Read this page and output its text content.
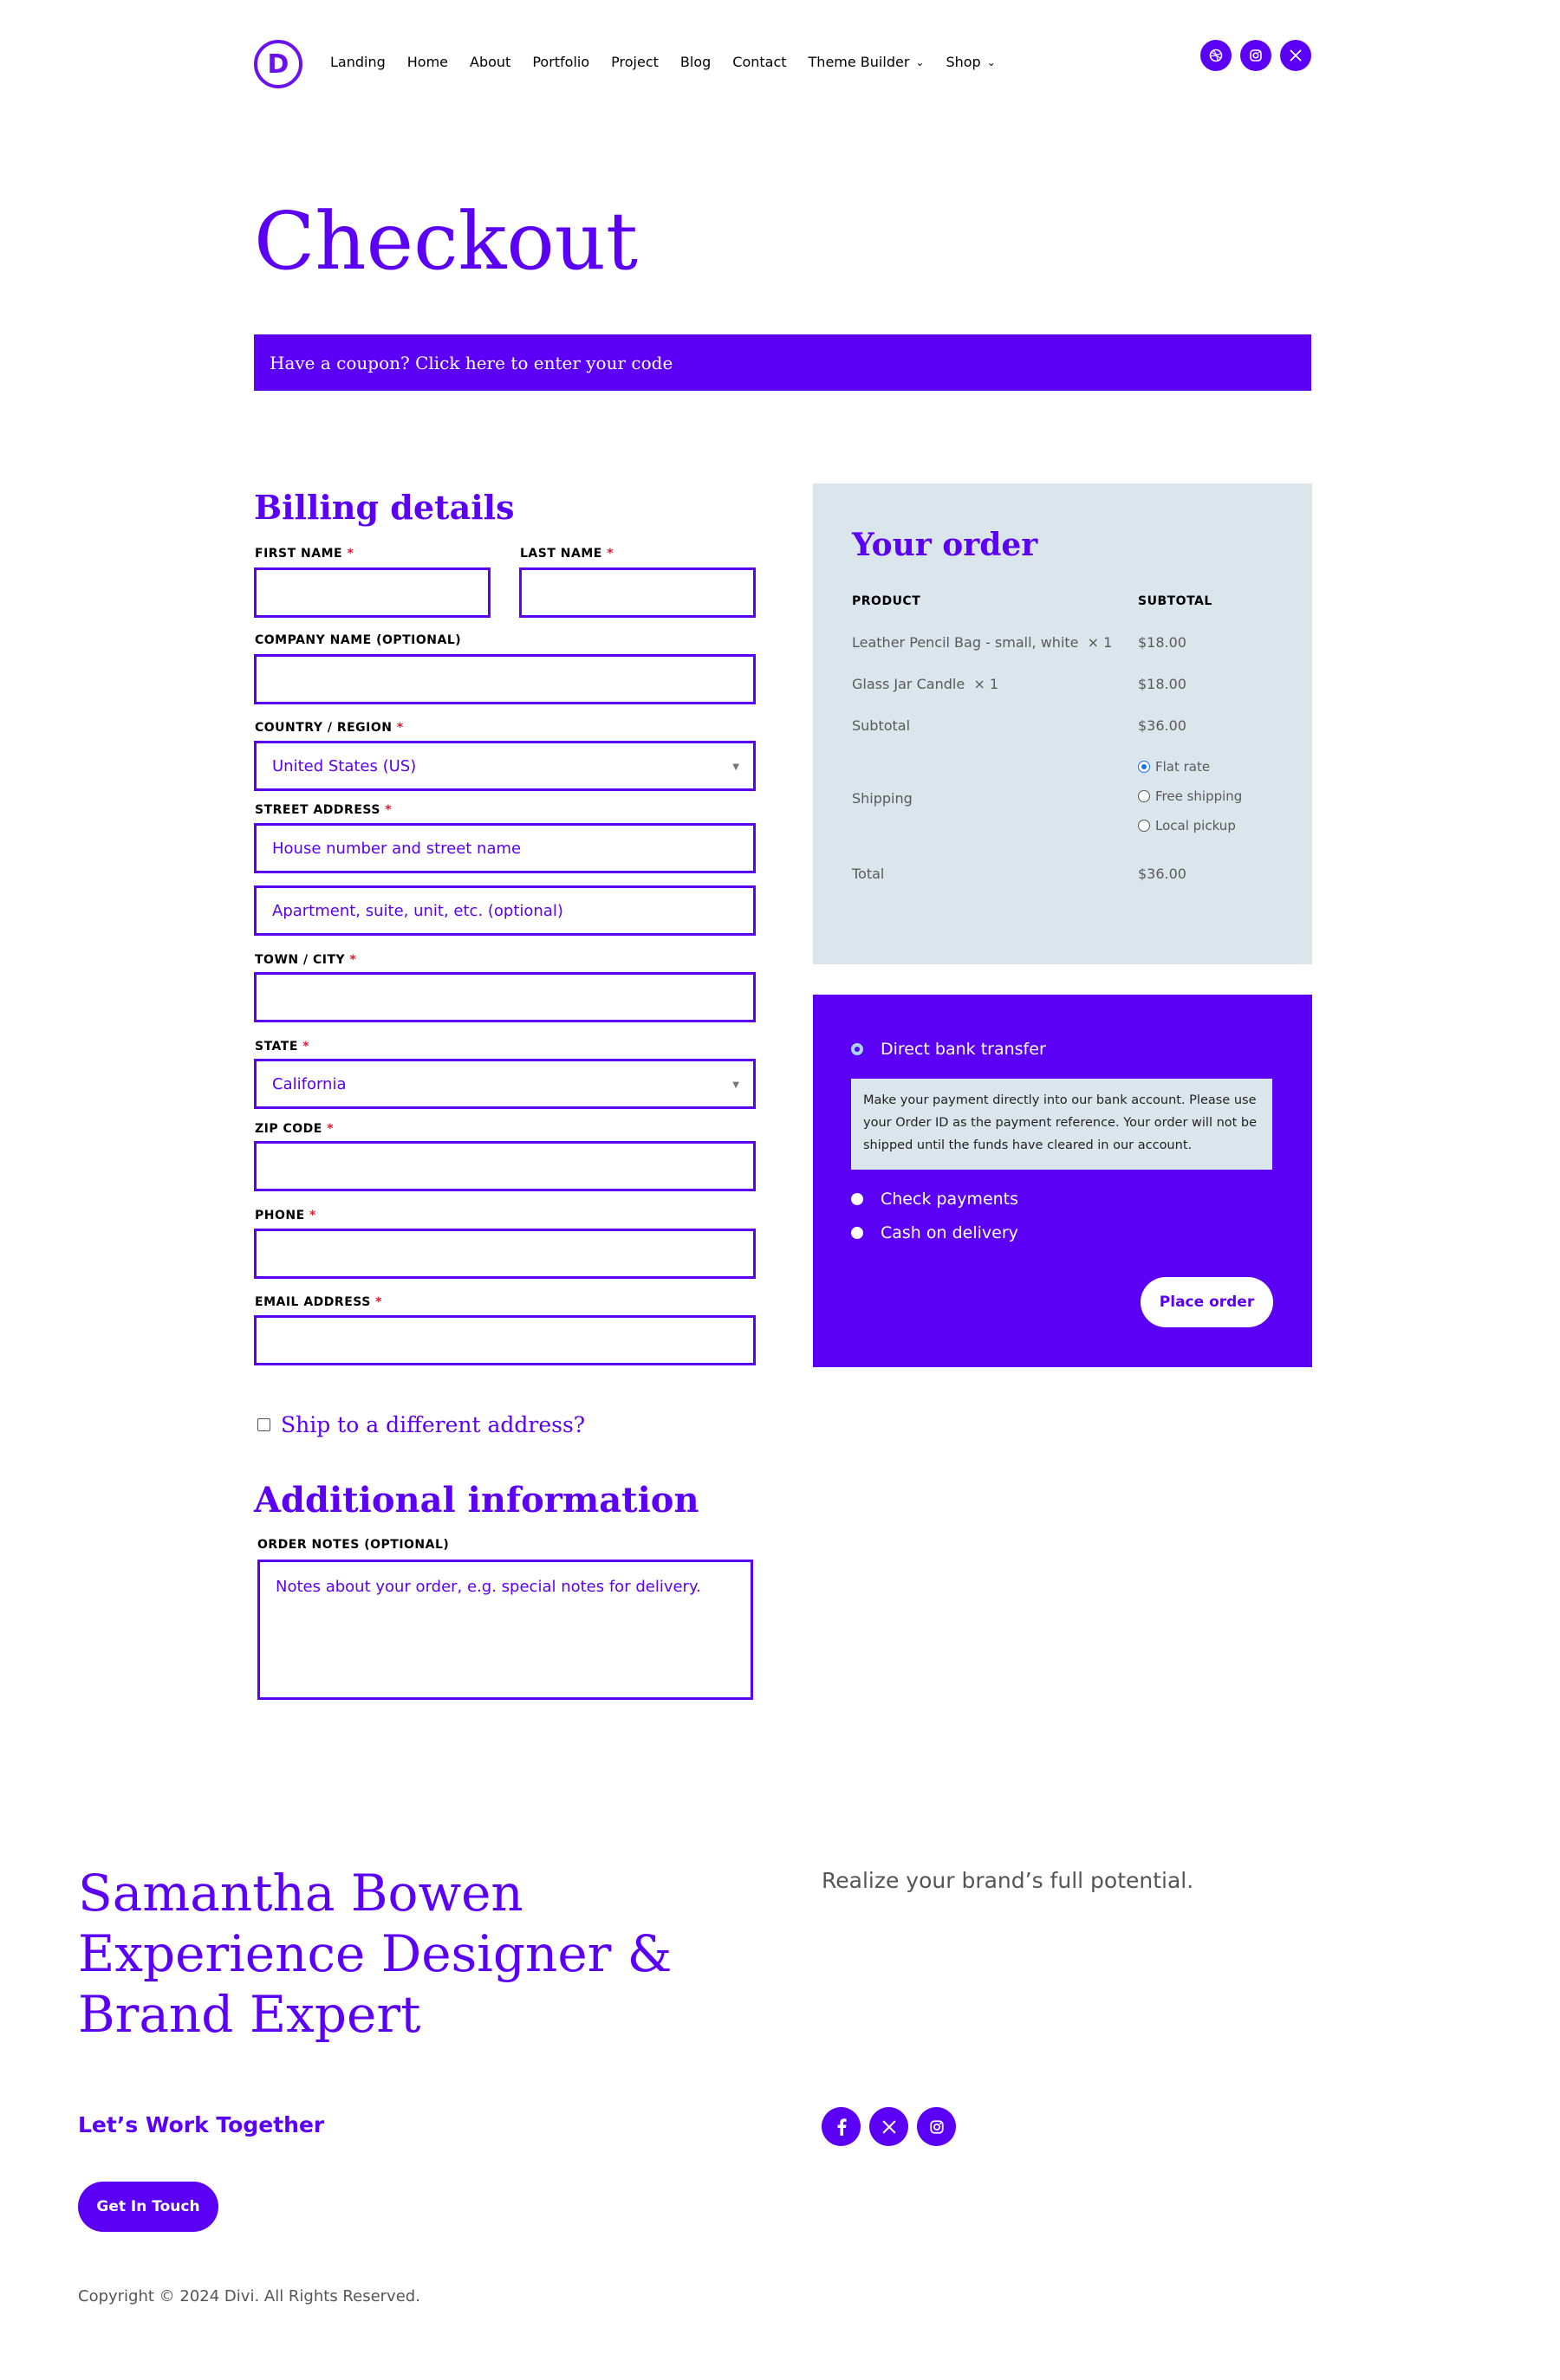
D	Landing Home About Portfolio Project Blog Contact Theme Builder ⌄ Shop ⌄
Checkout
Have a coupon? Click here to enter your code
Billing details
FIRST NAME *	LAST NAME *
COMPANY NAME (OPTIONAL)
COUNTRY / REGION *
United States (US)	▼
STREET ADDRESS *
House number and street name
Apartment, suite, unit, etc. (optional)
TOWN / CITY *
STATE *
California	▼
ZIP CODE *
PHONE *
EMAIL ADDRESS *
Ship to a different address?
Additional information
ORDER NOTES (OPTIONAL)
Notes about your order, e.g. special notes for delivery.
Your order
PRODUCT	SUBTOTAL
Leather Pencil Bag - small, white × 1 $18.00
Glass Jar Candle × 1	$18.00
Subtotal	$36.00
Shipping
Flat rate
Free shipping
Local pickup
Total	$36.00
Direct bank transfer
Make your payment directly into our bank account. Please use your Order ID as the payment reference. Your order will not be shipped until the funds have cleared in our account.
Check payments
Cash on delivery
Place order
Samantha Bowen
Experience Designer & Brand Expert
Realize your brand’s full potential.
Let’s Work Together
Get In Touch
Copyright © 2024 Divi. All Rights Reserved.
